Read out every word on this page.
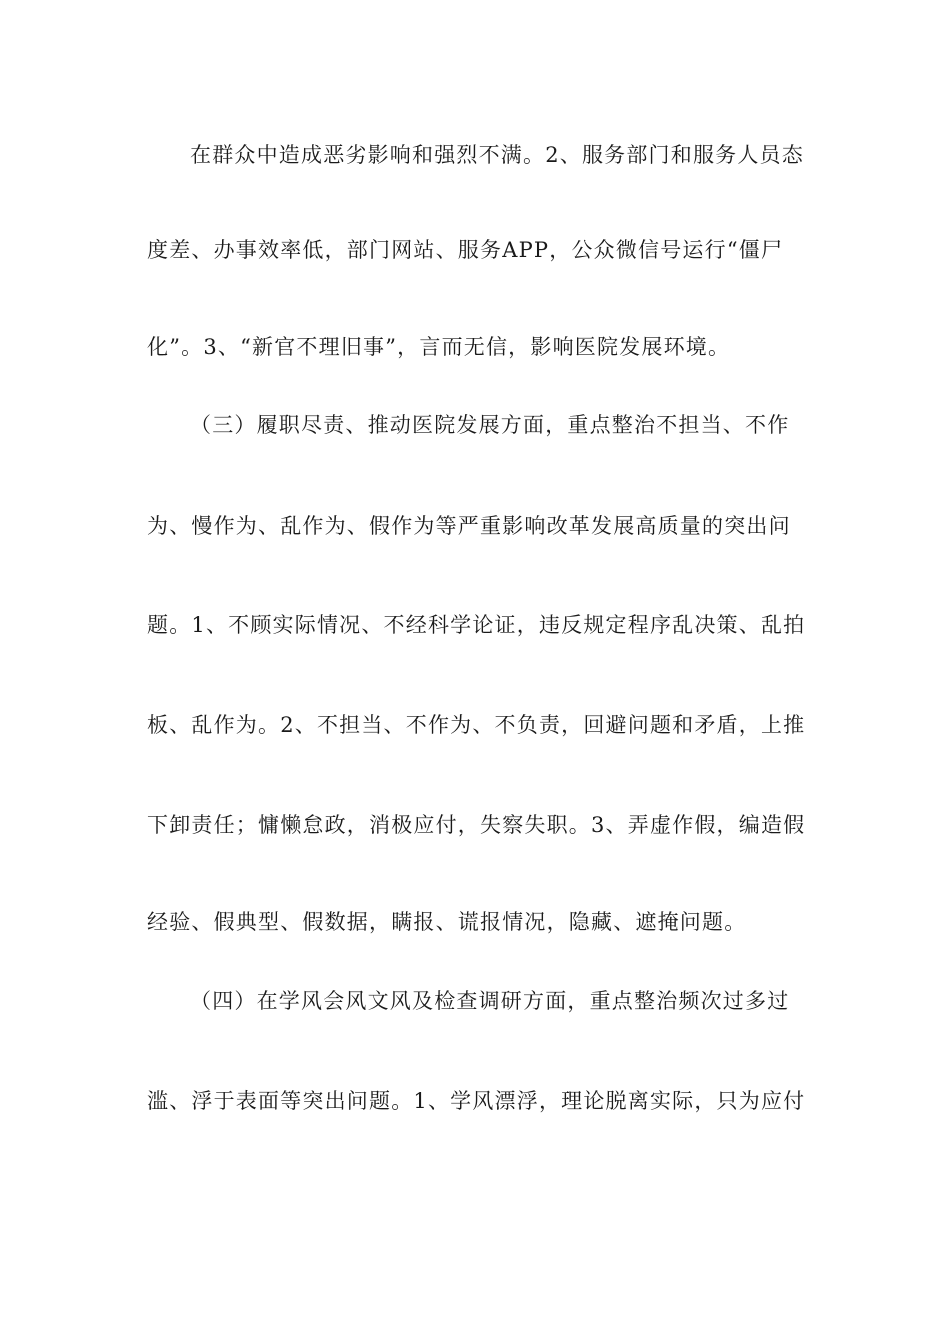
在群众中造成恶劣影响和强烈不满。2、服务部门和服务人员态
度差、办事效率低，部门网站、服务APP，公众微信号运行“僵尸
化”。3、“新官不理旧事”，言而无信，影响医院发展环境。
（三）履职尽责、推动医院发展方面，重点整治不担当、不作
为、慢作为、乱作为、假作为等严重影响改革发展高质量的突出问
题。1、不顾实际情况、不经科学论证，违反规定程序乱决策、乱拍
板、乱作为。2、不担当、不作为、不负责，回避问题和矛盾，上推
下卸责任；慵懒怠政，消极应付，失察失职。3、弄虚作假，编造假
经验、假典型、假数据，瞒报、谎报情况，隐藏、遮掩问题。
（四）在学风会风文风及检查调研方面，重点整治频次过多过
滥、浮于表面等突出问题。1、学风漂浮，理论脱离实际，只为应付
